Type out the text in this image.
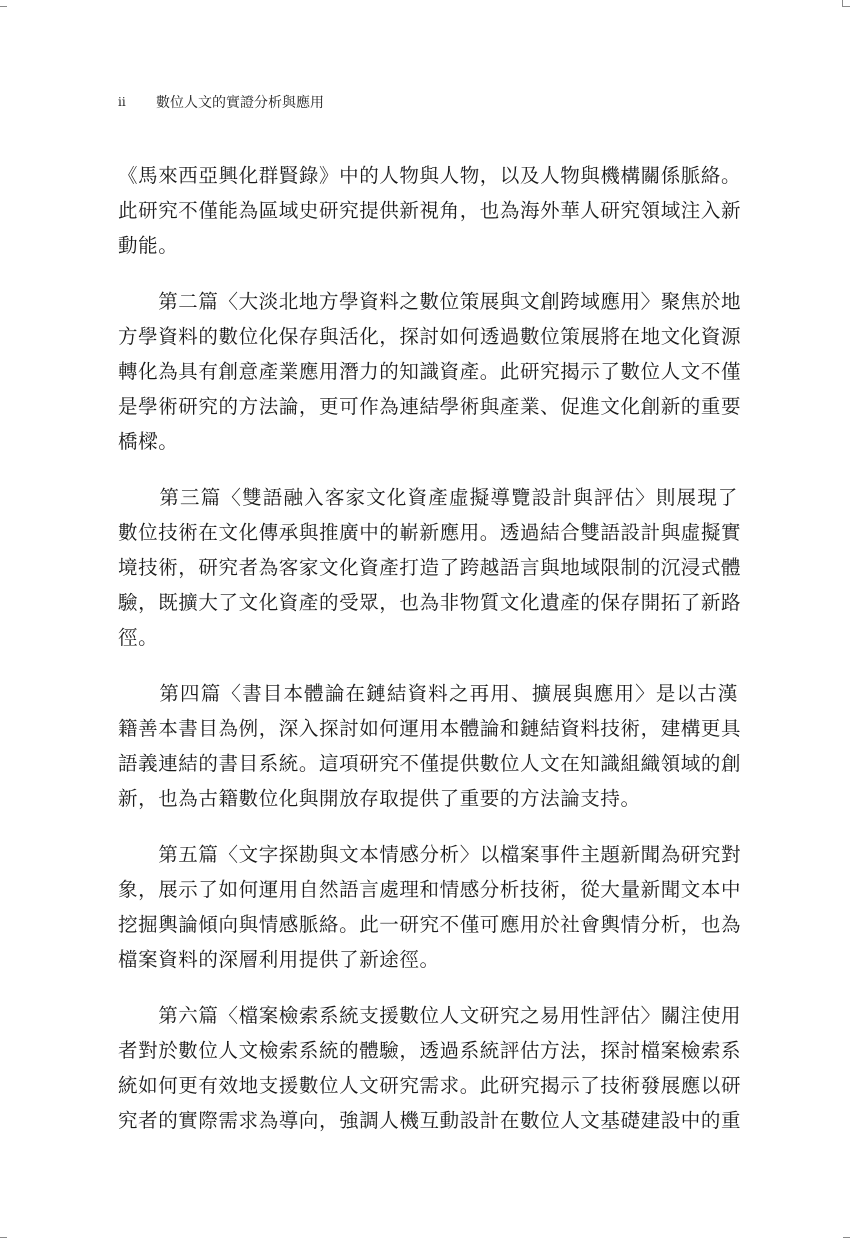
ii	數位人文的實證分析與應用

《馬來西亞興化群賢錄》中的人物與人物，以及人物與機構關係脈絡。
此研究不僅能為區域史研究提供新視角，也為海外華人研究領域注入新
動能。

　　第二篇〈大淡北地方學資料之數位策展與文創跨域應用〉聚焦於地
方學資料的數位化保存與活化，探討如何透過數位策展將在地文化資源
轉化為具有創意產業應用潛力的知識資產。此研究揭示了數位人文不僅
是學術研究的方法論，更可作為連結學術與產業、促進文化創新的重要
橋樑。

　　第三篇〈雙語融入客家文化資產虛擬導覽設計與評估〉則展現了
數位技術在文化傳承與推廣中的嶄新應用。透過結合雙語設計與虛擬實
境技術，研究者為客家文化資產打造了跨越語言與地域限制的沉浸式體
驗，既擴大了文化資產的受眾，也為非物質文化遺產的保存開拓了新路
徑。

　　第四篇〈書目本體論在鏈結資料之再用、擴展與應用〉是以古漢
籍善本書目為例，深入探討如何運用本體論和鏈結資料技術，建構更具
語義連結的書目系統。這項研究不僅提供數位人文在知識組織領域的創
新，也為古籍數位化與開放存取提供了重要的方法論支持。

　　第五篇〈文字探勘與文本情感分析〉以檔案事件主題新聞為研究對
象，展示了如何運用自然語言處理和情感分析技術，從大量新聞文本中
挖掘輿論傾向與情感脈絡。此一研究不僅可應用於社會輿情分析，也為
檔案資料的深層利用提供了新途徑。

　　第六篇〈檔案檢索系統支援數位人文研究之易用性評估〉關注使用
者對於數位人文檢索系統的體驗，透過系統評估方法，探討檔案檢索系
統如何更有效地支援數位人文研究需求。此研究揭示了技術發展應以研
究者的實際需求為導向，強調人機互動設計在數位人文基礎建設中的重
